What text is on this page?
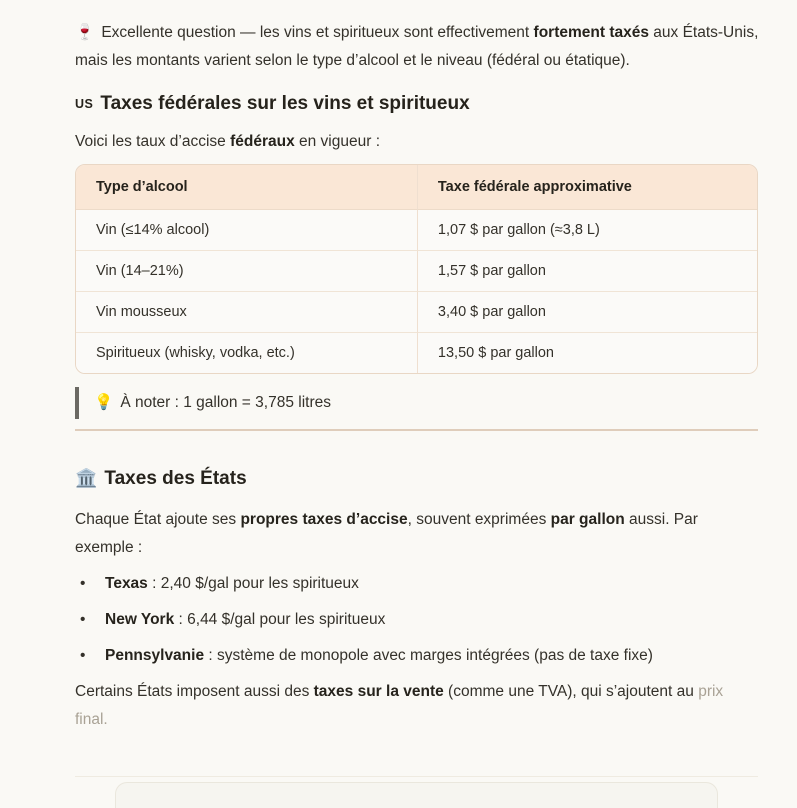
🍷 Excellente question — les vins et spiritueux sont effectivement fortement taxés aux États-Unis, mais les montants varient selon le type d’alcool et le niveau (fédéral ou étatique).

US Taxes fédérales sur les vins et spiritueux

Voici les taux d’accise fédéraux en vigueur :

Type d’alcool	Taxe fédérale approximative
Vin (≤14% alcool)	1,07 $ par gallon (≈3,8 L)
Vin (14–21%)	1,57 $ par gallon
Vin mousseux	3,40 $ par gallon
Spiritueux (whisky, vodka, etc.)	13,50 $ par gallon
💡 À noter : 1 gallon = 3,785 litres
🏛️ Taxes des États

Chaque État ajoute ses propres taxes d’accise, souvent exprimées par gallon aussi. Par exemple :

•	Texas : 2,40 $/gal pour les spiritueux
•	New York : 6,44 $/gal pour les spiritueux
•	Pennsylvanie : système de monopole avec marges intégrées (pas de taxe fixe)

Certains États imposent aussi des taxes sur la vente (comme une TVA), qui s’ajoutent au prix final.
